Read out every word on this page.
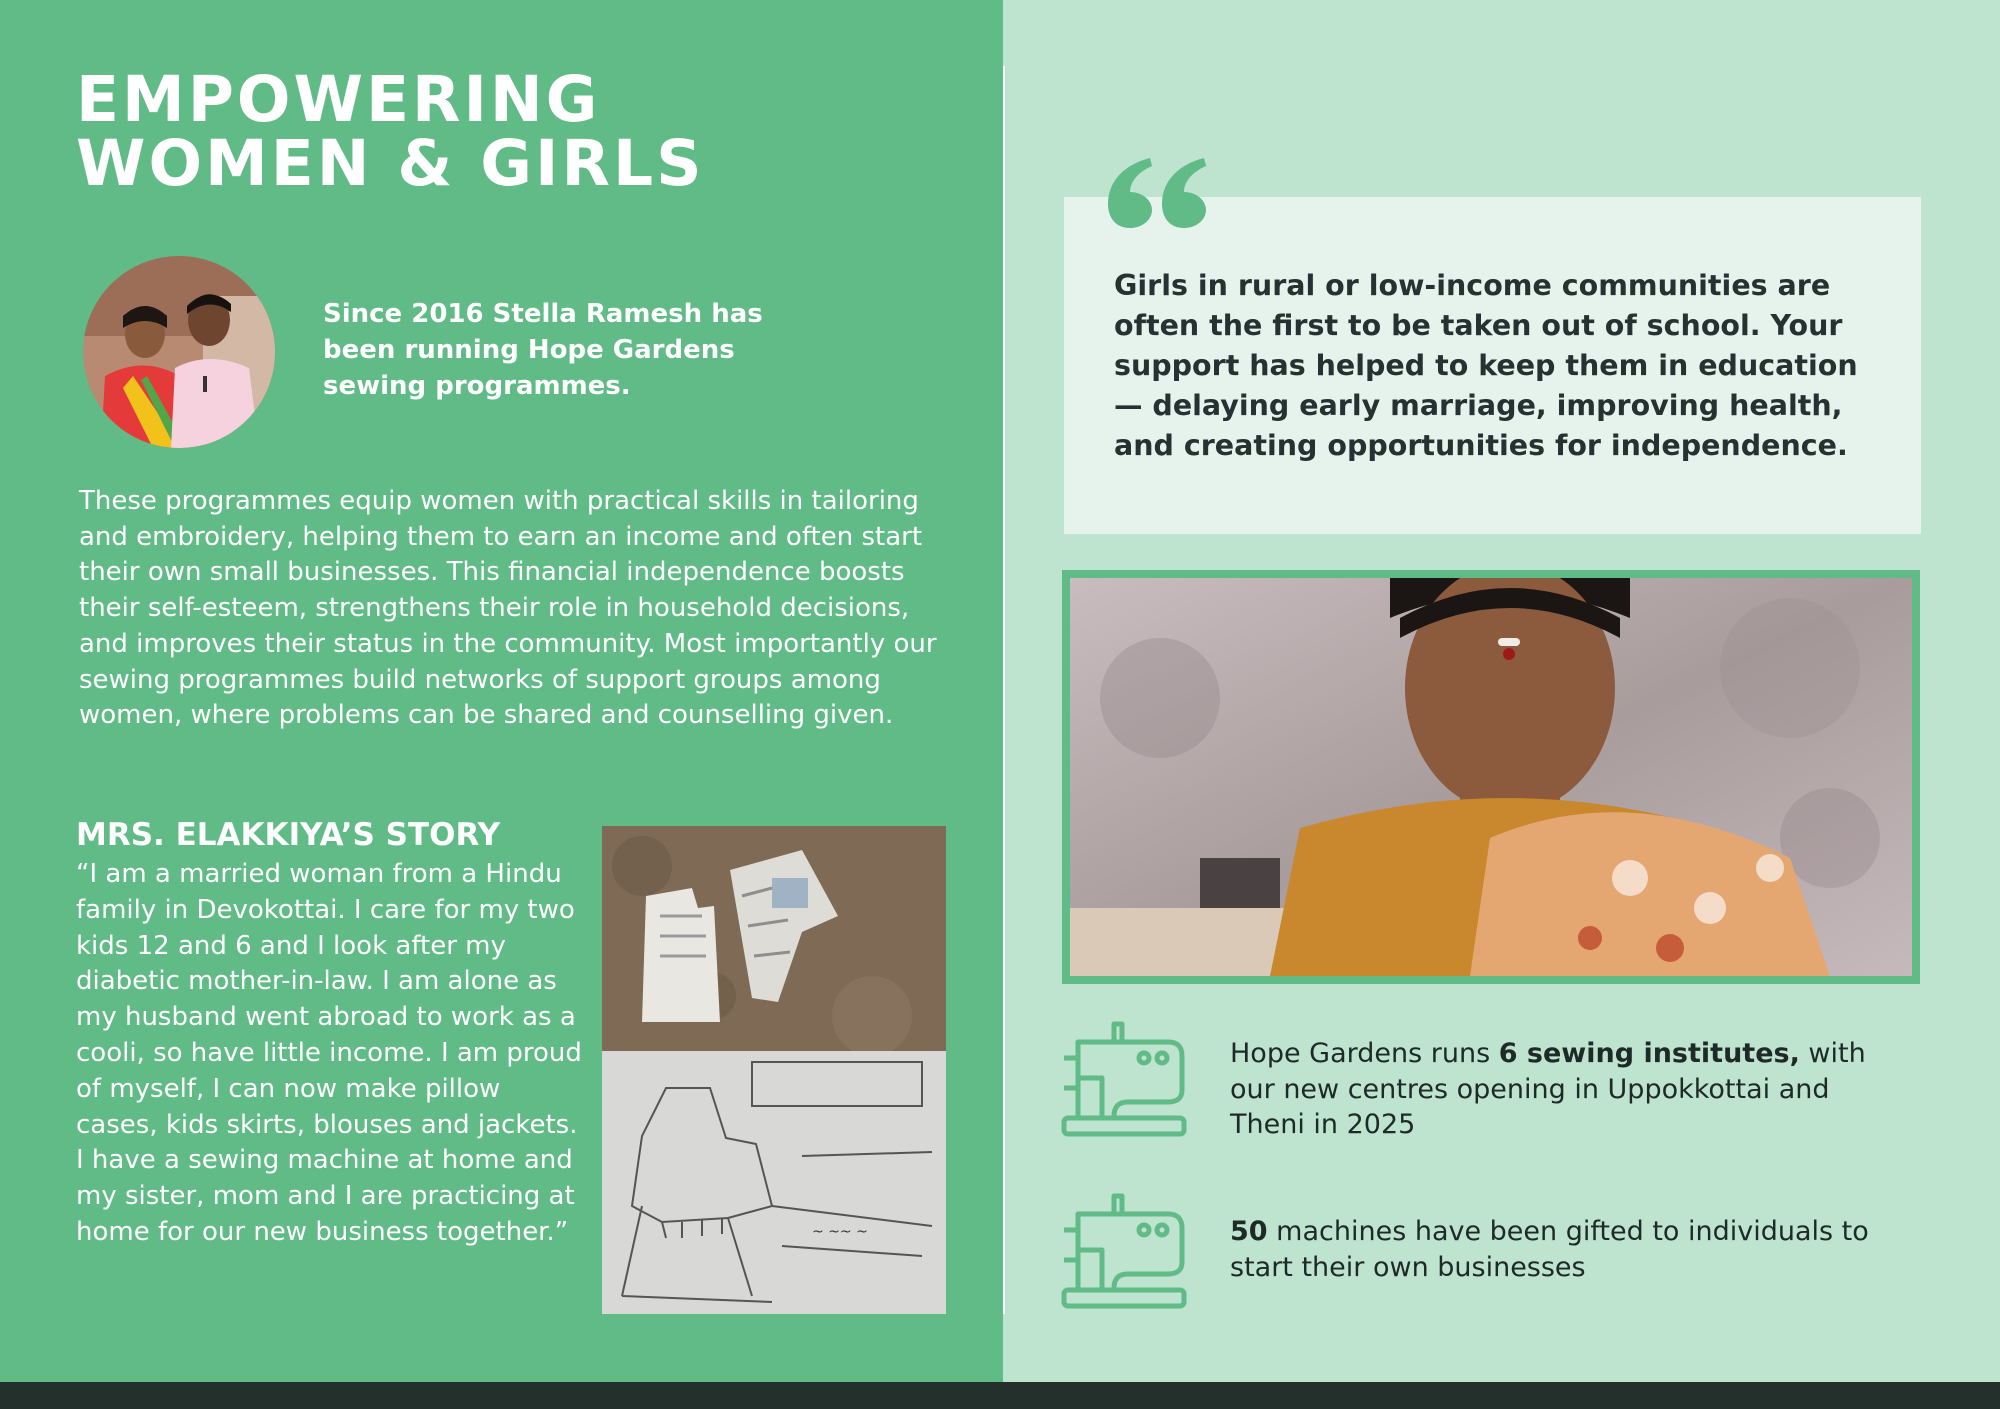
EMPOWERING
WOMEN & GIRLS
Since 2016 Stella Ramesh has been running Hope Gardens sewing programmes.
These programmes equip women with practical skills in tailoring and embroidery, helping them to earn an income and often start their own small businesses. This financial independence boosts their self-esteem, strengthens their role in household decisions, and improves their status in the community. Most importantly our sewing programmes build networks of support groups among women, where problems can be shared and counselling given.
MRS. ELAKKIYA’S STORY
“I am a married woman from a Hindu family in Devokottai. I care for my two kids 12 and 6 and I look after my diabetic mother-in-law. I am alone as my husband went abroad to work as a cooli, so have little income. I am proud of myself, I can now make pillow cases, kids skirts, blouses and jackets. I have a sewing machine at home and my sister, mom and I are practicing at home for our new business together.”	~ ~~ ~
Girls in rural or low-income communities are often the first to be taken out of school. Your support has helped to keep them in education — delaying early marriage, improving health, and creating opportunities for independence.
Hope Gardens runs 6 sewing institutes, with our new centres opening in Uppokkottai and Theni in 2025
50 machines have been gifted to individuals to start their own businesses
